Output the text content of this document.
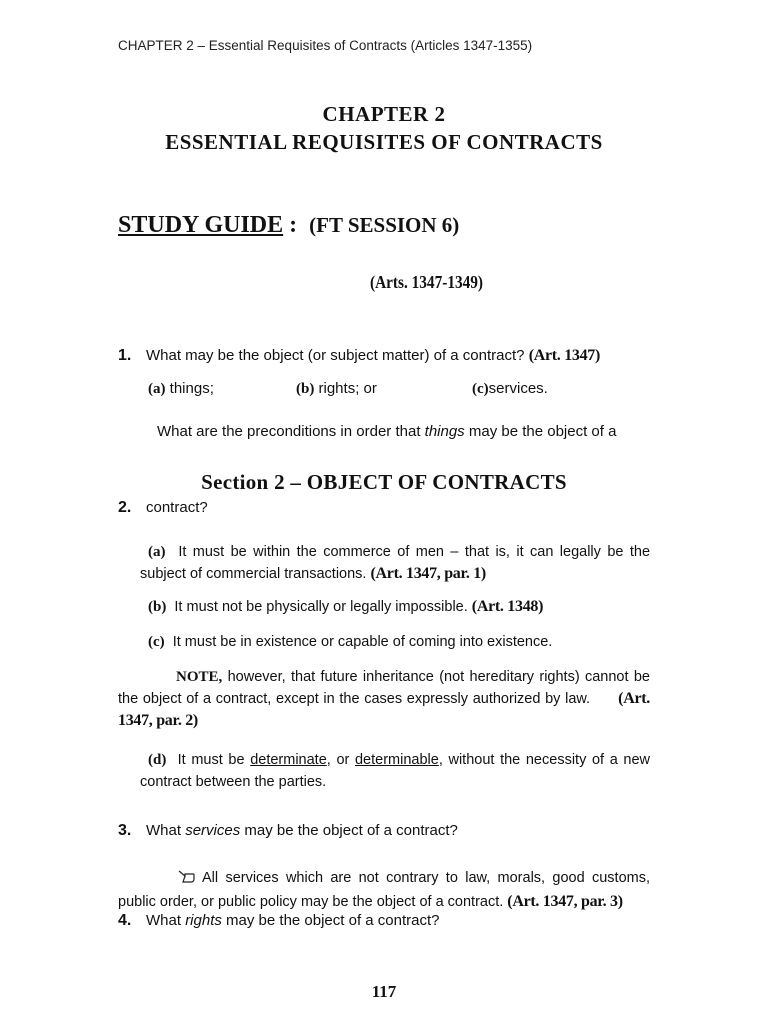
CHAPTER 2 – Essential Requisites of Contracts (Articles 1347-1355)
CHAPTER 2
ESSENTIAL REQUISITES OF CONTRACTS
STUDY GUIDE : (FT SESSION 6)
(Arts. 1347-1349)
1. What may be the object (or subject matter) of a contract? (Art. 1347)
(a) things;	(b) rights; or	(c)services.
What are the preconditions in order that things may be the object of a
Section 2 – OBJECT OF CONTRACTS
2. contract?
(a) It must be within the commerce of men – that is, it can legally be the subject of commercial transactions. (Art. 1347, par. 1)
(b) It must not be physically or legally impossible. (Art. 1348)
(c) It must be in existence or capable of coming into existence.
NOTE, however, that future inheritance (not hereditary rights) cannot be the object of a contract, except in the cases expressly authorized by law. (Art. 1347, par. 2)
(d) It must be determinate, or determinable, without the necessity of a new contract between the parties.
3. What services may be the object of a contract?
All services which are not contrary to law, morals, good customs, public order, or public policy may be the object of a contract. (Art. 1347, par. 3)
4. What rights may be the object of a contract?
117
